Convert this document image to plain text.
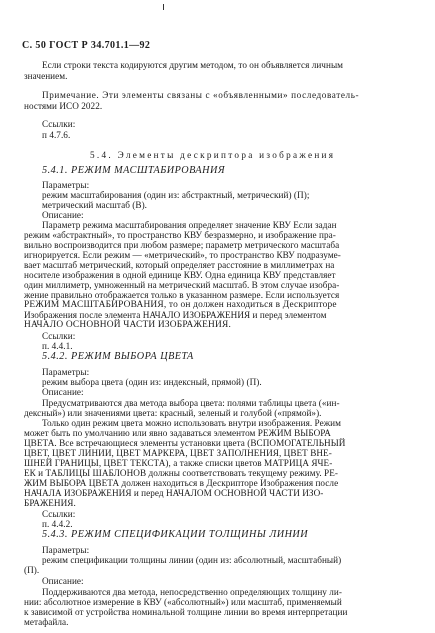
С. 50 ГОСТ Р 34.701.1—92
Если строки текста кодируются другим методом, то он объявляется личным
значением.
Примечание. Эти элементы связаны с «объявленными» последователь-
ностями ИСО 2022.
Ссылки:
п 4.7.6.
5.4. Элементы дескриптора изображения
5.4.1. РЕЖИМ МАСШТАБИРОВАНИЯ
Параметры:
режим масштабирования (один из: абстрактный, метрический) (П);
метрический масштаб (В).
Описание:
Параметр режима масштабирования определяет значение КВУ Если задан
режим «абстрактный», то пространство КВУ безразмерно, и изображение пра-
вильно воспроизводится при любом размере; параметр метрического масштаба
игнорируется. Если режим — «метрический», то пространство КВУ подразуме-
вает масштаб метрический, который определяет расстояние в миллиметрах на
носителе изображения в одной единице КВУ. Одна единица КВУ представляет
один миллиметр, умноженный на метрический масштаб. В этом случае изобра-
жение правильно отображается только в указанном размере. Если используется
РЕЖИМ МАСШТАБИРОВАНИЯ, то он должен находиться в Дескрипторе
Изображения после элемента НАЧАЛО ИЗОБРАЖЕНИЯ и перед элементом
НАЧАЛО ОСНОВНОЙ ЧАСТИ ИЗОБРАЖЕНИЯ.
Ссылки:
п. 4.4.1.
5.4.2. РЕЖИМ ВЫБОРА ЦВЕТА
Параметры:
режим выбора цвета (один из: индексный, прямой) (П).
Описание:
Предусматриваются два метода выбора цвета: полями таблицы цвета («ин-
дексный») или значениями цвета: красный, зеленый и голубой («прямой»).
Только один режим цвета можно использовать внутри изображения. Режим
может быть по умолчанию или явно задаваться элементом РЕЖИМ ВЫБОРА
ЦВЕТА. Все встречающиеся элементы установки цвета (ВСПОМОГАТЕЛЬНЫЙ
ЦВЕТ, ЦВЕТ ЛИНИИ, ЦВЕТ МАРКЕРА, ЦВЕТ ЗАПОЛНЕНИЯ, ЦВЕТ ВНЕ-
ШНЕЙ ГРАНИЦЫ, ЦВЕТ ТЕКСТА), а также списки цветов МАТРИЦА ЯЧЕ-
ЕК и ТАБЛИЦЫ ШАБЛОНОВ должны соответствовать текущему режиму. РЕ-
ЖИМ ВЫБОРА ЦВЕТА должен находиться в Дескрипторе Изображения после
НАЧАЛА ИЗОБРАЖЕНИЯ и перед НАЧАЛОМ ОСНОВНОЙ ЧАСТИ ИЗО-
БРАЖЕНИЯ.
Ссылки:
п. 4.4.2.
5.4.3. РЕЖИМ СПЕЦИФИКАЦИИ ТОЛЩИНЫ ЛИНИИ
Параметры:
режим спецификации толщины линии (один из: абсолютный, масштабный)
(П).
Описание:
Поддерживаются два метода, непосредственно определяющих толщину ли-
нии: абсолютное измерение в КВУ («абсолютный») или масштаб, применяемый
к зависимой от устройства номинальной толщине линии во время интерпретации
метафайла.
